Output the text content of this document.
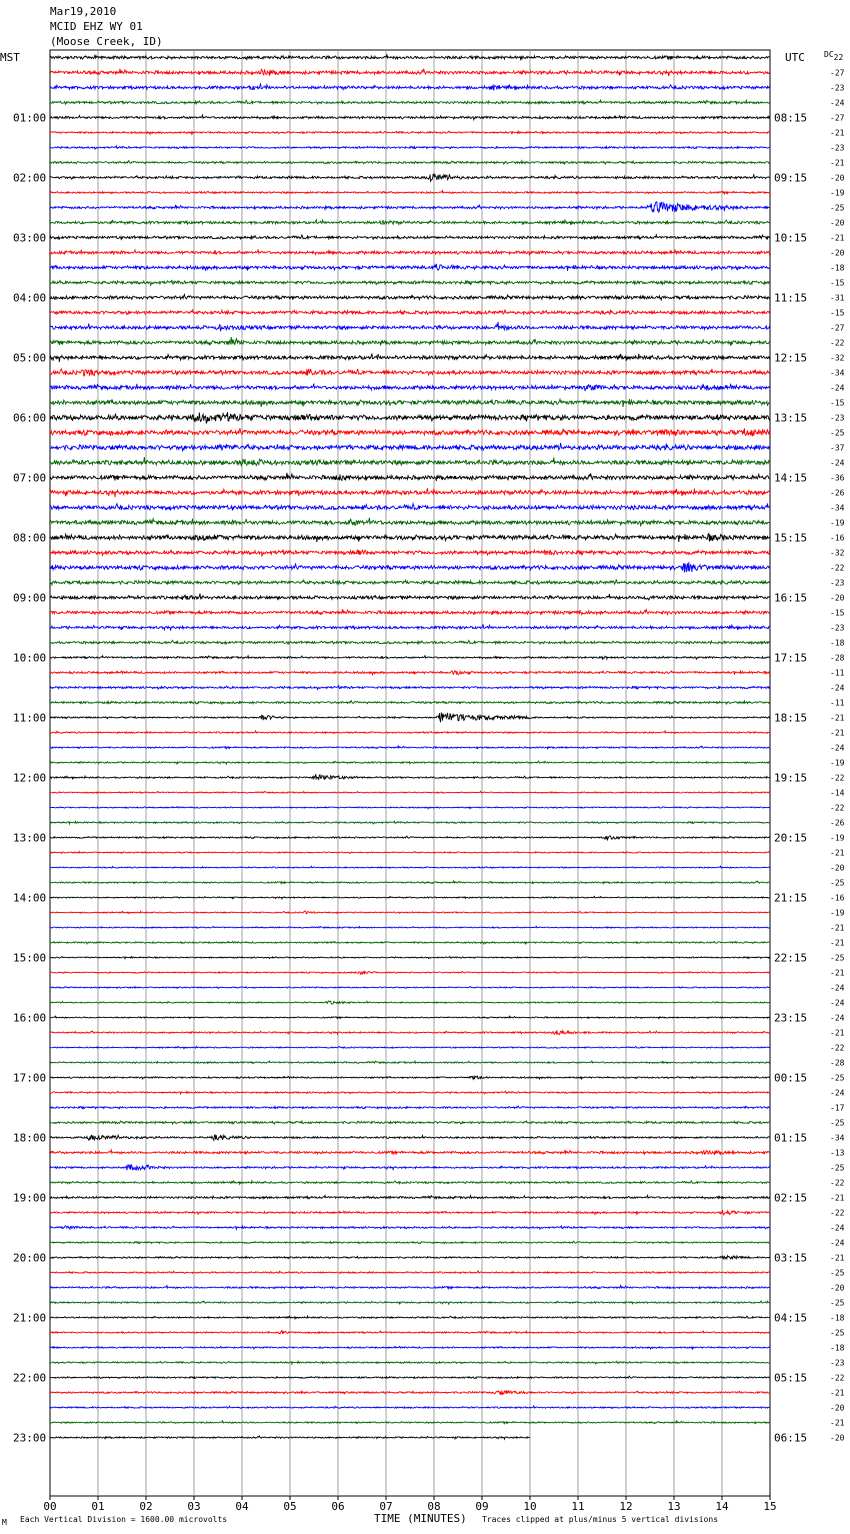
Mar19,2010
MCID EHZ WY 01
(Moose Creek, ID)
01:00
02:00
03:00
04:00
05:00
06:00
07:00
08:00
09:00
10:00
11:00
12:00
13:00
14:00
15:00
16:00
17:00
18:00
19:00
20:00
21:00
22:00
23:00
08:15
09:15
10:15
11:15
12:15
13:15
14:15
15:15
16:15
17:15
18:15
19:15
20:15
21:15
22:15
23:15
00:15
01:15
02:15
03:15
04:15
05:15
06:15
-27
-23
-24
-27
-21
-23
-21
-20
-19
-25
-20
-21
-20
-18
-15
-31
-15
-27
-22
-32
-34
-24
-15
-23
-25
-37
-24
-36
-26
-34
-19
-16
-32
-22
-23
-20
-15
-23
-18
-28
-11
-24
-11
-21
-21
-24
-19
-22
-14
-22
-26
-19
-21
-20
-25
-16
-19
-21
-21
-25
-21
-24
-24
-24
-21
-22
-28
-25
-24
-17
-25
-34
-13
-25
-22
-21
-22
-24
-24
-21
-25
-20
-25
-18
-25
-18
-23
-22
-21
-20
-21
-20
00	01	02	03	04	05	06	07	08	09	10	11	12	13	14	15
MST	UTC DC22
M Each Vertical Division = 1600.00 microvolts	TIME (MINUTES) Traces clipped at plus/minus 5 vertical divisions
